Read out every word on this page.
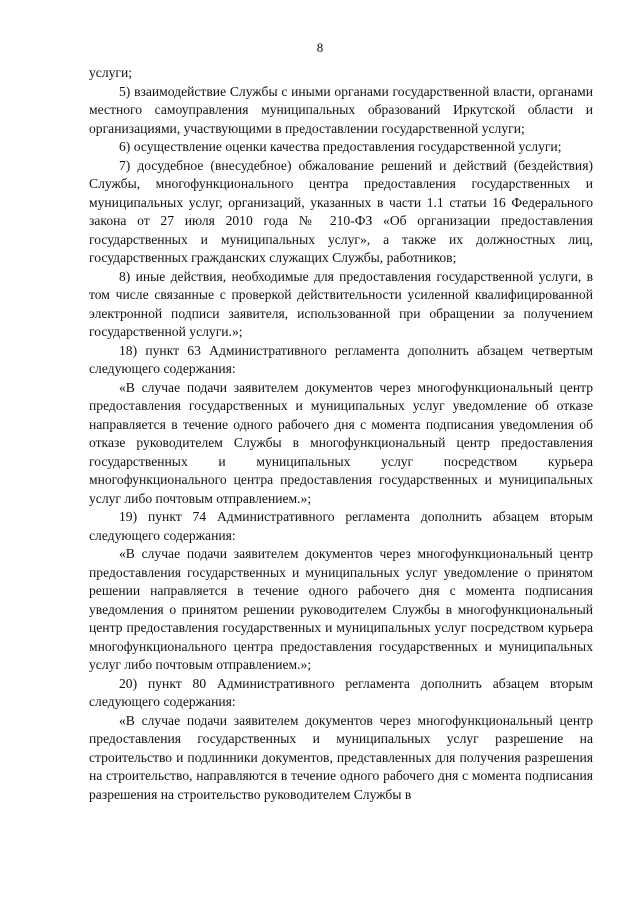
8

услуги;

5) взаимодействие Службы с иными органами государственной власти, органами местного самоуправления муниципальных образований Иркутской области и организациями, участвующими в предоставлении государственной услуги;

6) осуществление оценки качества предоставления государственной услуги;

7) досудебное (внесудебное) обжалование решений и действий (бездействия) Службы, многофункционального центра предоставления государственных и муниципальных услуг, организаций, указанных в части 1.1 статьи 16 Федерального закона от 27 июля 2010 года № 210-ФЗ «Об организации предоставления государственных и муниципальных услуг», а также их должностных лиц, государственных гражданских служащих Службы, работников;

8) иные действия, необходимые для предоставления государственной услуги, в том числе связанные с проверкой действительности усиленной квалифицированной электронной подписи заявителя, использованной при обращении за получением государственной услуги.»;

18) пункт 63 Административного регламента дополнить абзацем четвертым следующего содержания:

«В случае подачи заявителем документов через многофункциональный центр предоставления государственных и муниципальных услуг уведомление об отказе направляется в течение одного рабочего дня с момента подписания уведомления об отказе руководителем Службы в многофункциональный центр предоставления государственных и муниципальных услуг посредством курьера многофункционального центра предоставления государственных и муниципальных услуг либо почтовым отправлением.»;

19) пункт 74 Административного регламента дополнить абзацем вторым следующего содержания:

«В случае подачи заявителем документов через многофункциональный центр предоставления государственных и муниципальных услуг уведомление о принятом решении направляется в течение одного рабочего дня с момента подписания уведомления о принятом решении руководителем Службы в многофункциональный центр предоставления государственных и муниципальных услуг посредством курьера многофункционального центра предоставления государственных и муниципальных услуг либо почтовым отправлением.»;

20) пункт 80 Административного регламента дополнить абзацем вторым следующего содержания:

«В случае подачи заявителем документов через многофункциональный центр предоставления государственных и муниципальных услуг разрешение на строительство и подлинники документов, представленных для получения разрешения на строительство, направляются в течение одного рабочего дня с момента подписания разрешения на строительство руководителем Службы в
